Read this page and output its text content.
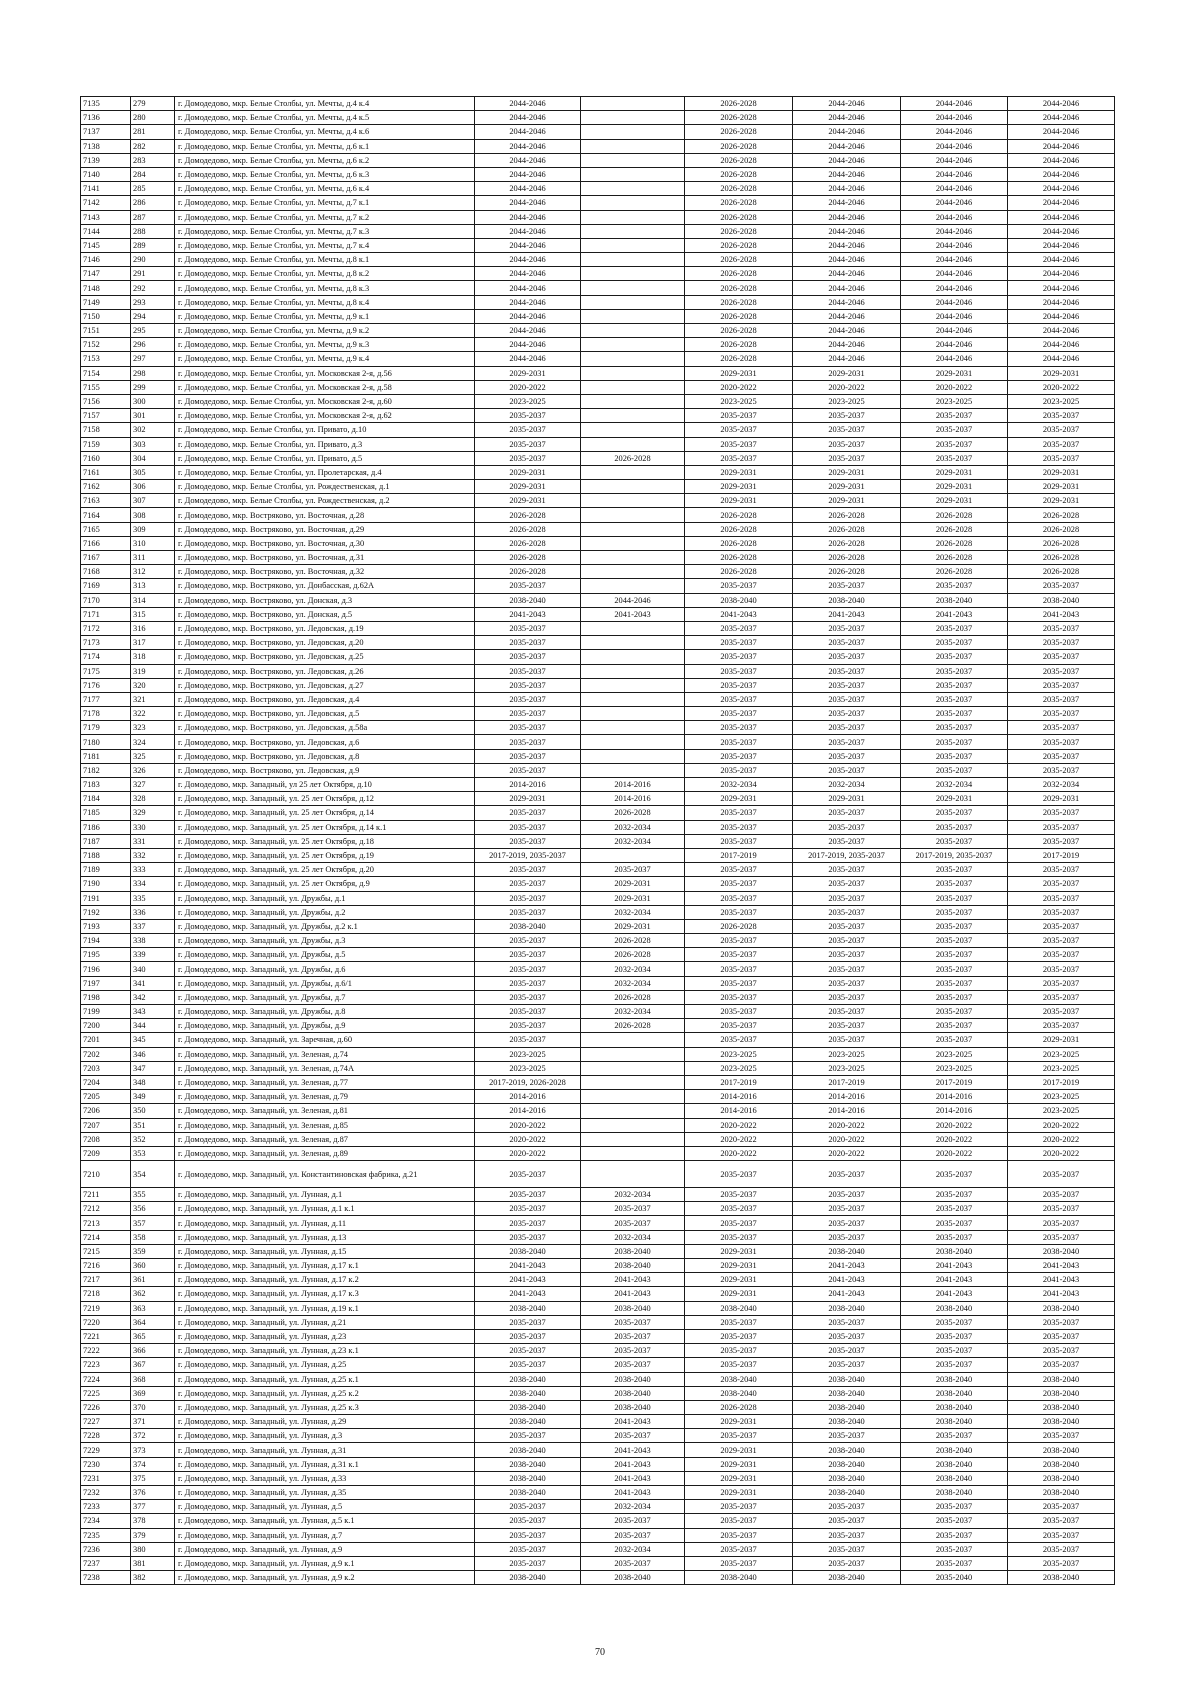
7135	279	г. Домодедово, мкр. Белые Столбы, ул. Мечты, д.4 к.4	2044-2046		2026-2028	2044-2046	2044-2046	2044-2046
7136	280	г. Домодедово, мкр. Белые Столбы, ул. Мечты, д.4 к.5	2044-2046		2026-2028	2044-2046	2044-2046	2044-2046
7137	281	г. Домодедово, мкр. Белые Столбы, ул. Мечты, д.4 к.6	2044-2046		2026-2028	2044-2046	2044-2046	2044-2046
7138	282	г. Домодедово, мкр. Белые Столбы, ул. Мечты, д.6 к.1	2044-2046		2026-2028	2044-2046	2044-2046	2044-2046
7139	283	г. Домодедово, мкр. Белые Столбы, ул. Мечты, д.6 к.2	2044-2046		2026-2028	2044-2046	2044-2046	2044-2046
7140	284	г. Домодедово, мкр. Белые Столбы, ул. Мечты, д.6 к.3	2044-2046		2026-2028	2044-2046	2044-2046	2044-2046
7141	285	г. Домодедово, мкр. Белые Столбы, ул. Мечты, д.6 к.4	2044-2046		2026-2028	2044-2046	2044-2046	2044-2046
7142	286	г. Домодедово, мкр. Белые Столбы, ул. Мечты, д.7 к.1	2044-2046		2026-2028	2044-2046	2044-2046	2044-2046
7143	287	г. Домодедово, мкр. Белые Столбы, ул. Мечты, д.7 к.2	2044-2046		2026-2028	2044-2046	2044-2046	2044-2046
7144	288	г. Домодедово, мкр. Белые Столбы, ул. Мечты, д.7 к.3	2044-2046		2026-2028	2044-2046	2044-2046	2044-2046
7145	289	г. Домодедово, мкр. Белые Столбы, ул. Мечты, д.7 к.4	2044-2046		2026-2028	2044-2046	2044-2046	2044-2046
7146	290	г. Домодедово, мкр. Белые Столбы, ул. Мечты, д.8 к.1	2044-2046		2026-2028	2044-2046	2044-2046	2044-2046
7147	291	г. Домодедово, мкр. Белые Столбы, ул. Мечты, д.8 к.2	2044-2046		2026-2028	2044-2046	2044-2046	2044-2046
7148	292	г. Домодедово, мкр. Белые Столбы, ул. Мечты, д.8 к.3	2044-2046		2026-2028	2044-2046	2044-2046	2044-2046
7149	293	г. Домодедово, мкр. Белые Столбы, ул. Мечты, д.8 к.4	2044-2046		2026-2028	2044-2046	2044-2046	2044-2046
7150	294	г. Домодедово, мкр. Белые Столбы, ул. Мечты, д.9 к.1	2044-2046		2026-2028	2044-2046	2044-2046	2044-2046
7151	295	г. Домодедово, мкр. Белые Столбы, ул. Мечты, д.9 к.2	2044-2046		2026-2028	2044-2046	2044-2046	2044-2046
7152	296	г. Домодедово, мкр. Белые Столбы, ул. Мечты, д.9 к.3	2044-2046		2026-2028	2044-2046	2044-2046	2044-2046
7153	297	г. Домодедово, мкр. Белые Столбы, ул. Мечты, д.9 к.4	2044-2046		2026-2028	2044-2046	2044-2046	2044-2046
7154	298	г. Домодедово, мкр. Белые Столбы, ул. Московская 2-я, д.56	2029-2031		2029-2031	2029-2031	2029-2031	2029-2031
7155	299	г. Домодедово, мкр. Белые Столбы, ул. Московская 2-я, д.58	2020-2022		2020-2022	2020-2022	2020-2022	2020-2022
7156	300	г. Домодедово, мкр. Белые Столбы, ул. Московская 2-я, д.60	2023-2025		2023-2025	2023-2025	2023-2025	2023-2025
7157	301	г. Домодедово, мкр. Белые Столбы, ул. Московская 2-я, д.62	2035-2037		2035-2037	2035-2037	2035-2037	2035-2037
7158	302	г. Домодедово, мкр. Белые Столбы, ул. Привато, д.10	2035-2037		2035-2037	2035-2037	2035-2037	2035-2037
7159	303	г. Домодедово, мкр. Белые Столбы, ул. Привато, д.3	2035-2037		2035-2037	2035-2037	2035-2037	2035-2037
7160	304	г. Домодедово, мкр. Белые Столбы, ул. Привато, д.5	2035-2037	2026-2028	2035-2037	2035-2037	2035-2037	2035-2037
7161	305	г. Домодедово, мкр. Белые Столбы, ул. Пролетарская, д.4	2029-2031		2029-2031	2029-2031	2029-2031	2029-2031
7162	306	г. Домодедово, мкр. Белые Столбы, ул. Рождественская, д.1	2029-2031		2029-2031	2029-2031	2029-2031	2029-2031
7163	307	г. Домодедово, мкр. Белые Столбы, ул. Рождественская, д.2	2029-2031		2029-2031	2029-2031	2029-2031	2029-2031
7164	308	г. Домодедово, мкр. Востряково, ул. Восточная, д.28	2026-2028		2026-2028	2026-2028	2026-2028	2026-2028
7165	309	г. Домодедово, мкр. Востряково, ул. Восточная, д.29	2026-2028		2026-2028	2026-2028	2026-2028	2026-2028
7166	310	г. Домодедово, мкр. Востряково, ул. Восточная, д.30	2026-2028		2026-2028	2026-2028	2026-2028	2026-2028
7167	311	г. Домодедово, мкр. Востряково, ул. Восточная, д.31	2026-2028		2026-2028	2026-2028	2026-2028	2026-2028
7168	312	г. Домодедово, мкр. Востряково, ул. Восточная, д.32	2026-2028		2026-2028	2026-2028	2026-2028	2026-2028
7169	313	г. Домодедово, мкр. Востряково, ул. Донбасская, д.62А	2035-2037		2035-2037	2035-2037	2035-2037	2035-2037
7170	314	г. Домодедово, мкр. Востряково, ул. Донская, д.3	2038-2040	2044-2046	2038-2040	2038-2040	2038-2040	2038-2040
7171	315	г. Домодедово, мкр. Востряково, ул. Донская, д.5	2041-2043	2041-2043	2041-2043	2041-2043	2041-2043	2041-2043
7172	316	г. Домодедово, мкр. Востряково, ул. Ледовская, д.19	2035-2037		2035-2037	2035-2037	2035-2037	2035-2037
7173	317	г. Домодедово, мкр. Востряково, ул. Ледовская, д.20	2035-2037		2035-2037	2035-2037	2035-2037	2035-2037
7174	318	г. Домодедово, мкр. Востряково, ул. Ледовская, д.25	2035-2037		2035-2037	2035-2037	2035-2037	2035-2037
7175	319	г. Домодедово, мкр. Востряково, ул. Ледовская, д.26	2035-2037		2035-2037	2035-2037	2035-2037	2035-2037
7176	320	г. Домодедово, мкр. Востряково, ул. Ледовская, д.27	2035-2037		2035-2037	2035-2037	2035-2037	2035-2037
7177	321	г. Домодедово, мкр. Востряково, ул. Ледовская, д.4	2035-2037		2035-2037	2035-2037	2035-2037	2035-2037
7178	322	г. Домодедово, мкр. Востряково, ул. Ледовская, д.5	2035-2037		2035-2037	2035-2037	2035-2037	2035-2037
7179	323	г. Домодедово, мкр. Востряково, ул. Ледовская, д.58а	2035-2037		2035-2037	2035-2037	2035-2037	2035-2037
7180	324	г. Домодедово, мкр. Востряково, ул. Ледовская, д.6	2035-2037		2035-2037	2035-2037	2035-2037	2035-2037
7181	325	г. Домодедово, мкр. Востряково, ул. Ледовская, д.8	2035-2037		2035-2037	2035-2037	2035-2037	2035-2037
7182	326	г. Домодедово, мкр. Востряково, ул. Ледовская, д.9	2035-2037		2035-2037	2035-2037	2035-2037	2035-2037
7183	327	г. Домодедово, мкр. Западный, ул 25 лет Октября, д.10	2014-2016	2014-2016	2032-2034	2032-2034	2032-2034	2032-2034
7184	328	г. Домодедово, мкр. Западный, ул. 25 лет Октября, д.12	2029-2031	2014-2016	2029-2031	2029-2031	2029-2031	2029-2031
7185	329	г. Домодедово, мкр. Западный, ул. 25 лет Октября, д.14	2035-2037	2026-2028	2035-2037	2035-2037	2035-2037	2035-2037
7186	330	г. Домодедово, мкр. Западный, ул. 25 лет Октября, д.14 к.1	2035-2037	2032-2034	2035-2037	2035-2037	2035-2037	2035-2037
7187	331	г. Домодедово, мкр. Западный, ул. 25 лет Октября, д.18	2035-2037	2032-2034	2035-2037	2035-2037	2035-2037	2035-2037
7188	332	г. Домодедово, мкр. Западный, ул. 25 лет Октября, д.19	2017-2019, 2035-2037		2017-2019	2017-2019, 2035-2037	2017-2019, 2035-2037	2017-2019
7189	333	г. Домодедово, мкр. Западный, ул. 25 лет Октября, д.20	2035-2037	2035-2037	2035-2037	2035-2037	2035-2037	2035-2037
7190	334	г. Домодедово, мкр. Западный, ул. 25 лет Октября, д.9	2035-2037	2029-2031	2035-2037	2035-2037	2035-2037	2035-2037
7191	335	г. Домодедово, мкр. Западный, ул. Дружбы, д.1	2035-2037	2029-2031	2035-2037	2035-2037	2035-2037	2035-2037
7192	336	г. Домодедово, мкр. Западный, ул. Дружбы, д.2	2035-2037	2032-2034	2035-2037	2035-2037	2035-2037	2035-2037
7193	337	г. Домодедово, мкр. Западный, ул. Дружбы, д.2 к.1	2038-2040	2029-2031	2026-2028	2035-2037	2035-2037	2035-2037
7194	338	г. Домодедово, мкр. Западный, ул. Дружбы, д.3	2035-2037	2026-2028	2035-2037	2035-2037	2035-2037	2035-2037
7195	339	г. Домодедово, мкр. Западный, ул. Дружбы, д.5	2035-2037	2026-2028	2035-2037	2035-2037	2035-2037	2035-2037
7196	340	г. Домодедово, мкр. Западный, ул. Дружбы, д.6	2035-2037	2032-2034	2035-2037	2035-2037	2035-2037	2035-2037
7197	341	г. Домодедово, мкр. Западный, ул. Дружбы, д.6/1	2035-2037	2032-2034	2035-2037	2035-2037	2035-2037	2035-2037
7198	342	г. Домодедово, мкр. Западный, ул. Дружбы, д.7	2035-2037	2026-2028	2035-2037	2035-2037	2035-2037	2035-2037
7199	343	г. Домодедово, мкр. Западный, ул. Дружбы, д.8	2035-2037	2032-2034	2035-2037	2035-2037	2035-2037	2035-2037
7200	344	г. Домодедово, мкр. Западный, ул. Дружбы, д.9	2035-2037	2026-2028	2035-2037	2035-2037	2035-2037	2035-2037
7201	345	г. Домодедово, мкр. Западный, ул. Заречная, д.60	2035-2037		2035-2037	2035-2037	2035-2037	2029-2031
7202	346	г. Домодедово, мкр. Западный, ул. Зеленая, д.74	2023-2025		2023-2025	2023-2025	2023-2025	2023-2025
7203	347	г. Домодедово, мкр. Западный, ул. Зеленая, д.74А	2023-2025		2023-2025	2023-2025	2023-2025	2023-2025
7204	348	г. Домодедово, мкр. Западный, ул. Зеленая, д.77	2017-2019, 2026-2028		2017-2019	2017-2019	2017-2019	2017-2019
7205	349	г. Домодедово, мкр. Западный, ул. Зеленая, д.79	2014-2016		2014-2016	2014-2016	2014-2016	2023-2025
7206	350	г. Домодедово, мкр. Западный, ул. Зеленая, д.81	2014-2016		2014-2016	2014-2016	2014-2016	2023-2025
7207	351	г. Домодедово, мкр. Западный, ул. Зеленая, д.85	2020-2022		2020-2022	2020-2022	2020-2022	2020-2022
7208	352	г. Домодедово, мкр. Западный, ул. Зеленая, д.87	2020-2022		2020-2022	2020-2022	2020-2022	2020-2022
7209	353	г. Домодедово, мкр. Западный, ул. Зеленая, д.89	2020-2022		2020-2022	2020-2022	2020-2022	2020-2022
7210	354	г. Домодедово, мкр. Западный, ул. Константиновская фабрика, д.21	2035-2037		2035-2037	2035-2037	2035-2037	2035-2037
7211	355	г. Домодедово, мкр. Западный, ул. Лунная, д.1	2035-2037	2032-2034	2035-2037	2035-2037	2035-2037	2035-2037
7212	356	г. Домодедово, мкр. Западный, ул. Лунная, д.1 к.1	2035-2037	2035-2037	2035-2037	2035-2037	2035-2037	2035-2037
7213	357	г. Домодедово, мкр. Западный, ул. Лунная, д.11	2035-2037	2035-2037	2035-2037	2035-2037	2035-2037	2035-2037
7214	358	г. Домодедово, мкр. Западный, ул. Лунная, д.13	2035-2037	2032-2034	2035-2037	2035-2037	2035-2037	2035-2037
7215	359	г. Домодедово, мкр. Западный, ул. Лунная, д.15	2038-2040	2038-2040	2029-2031	2038-2040	2038-2040	2038-2040
7216	360	г. Домодедово, мкр. Западный, ул. Лунная, д.17 к.1	2041-2043	2038-2040	2029-2031	2041-2043	2041-2043	2041-2043
7217	361	г. Домодедово, мкр. Западный, ул. Лунная, д.17 к.2	2041-2043	2041-2043	2029-2031	2041-2043	2041-2043	2041-2043
7218	362	г. Домодедово, мкр. Западный, ул. Лунная, д.17 к.3	2041-2043	2041-2043	2029-2031	2041-2043	2041-2043	2041-2043
7219	363	г. Домодедово, мкр. Западный, ул. Лунная, д.19 к.1	2038-2040	2038-2040	2038-2040	2038-2040	2038-2040	2038-2040
7220	364	г. Домодедово, мкр. Западный, ул. Лунная, д.21	2035-2037	2035-2037	2035-2037	2035-2037	2035-2037	2035-2037
7221	365	г. Домодедово, мкр. Западный, ул. Лунная, д.23	2035-2037	2035-2037	2035-2037	2035-2037	2035-2037	2035-2037
7222	366	г. Домодедово, мкр. Западный, ул. Лунная, д.23 к.1	2035-2037	2035-2037	2035-2037	2035-2037	2035-2037	2035-2037
7223	367	г. Домодедово, мкр. Западный, ул. Лунная, д.25	2035-2037	2035-2037	2035-2037	2035-2037	2035-2037	2035-2037
7224	368	г. Домодедово, мкр. Западный, ул. Лунная, д.25 к.1	2038-2040	2038-2040	2038-2040	2038-2040	2038-2040	2038-2040
7225	369	г. Домодедово, мкр. Западный, ул. Лунная, д.25 к.2	2038-2040	2038-2040	2038-2040	2038-2040	2038-2040	2038-2040
7226	370	г. Домодедово, мкр. Западный, ул. Лунная, д.25 к.3	2038-2040	2038-2040	2026-2028	2038-2040	2038-2040	2038-2040
7227	371	г. Домодедово, мкр. Западный, ул. Лунная, д.29	2038-2040	2041-2043	2029-2031	2038-2040	2038-2040	2038-2040
7228	372	г. Домодедово, мкр. Западный, ул. Лунная, д.3	2035-2037	2035-2037	2035-2037	2035-2037	2035-2037	2035-2037
7229	373	г. Домодедово, мкр. Западный, ул. Лунная, д.31	2038-2040	2041-2043	2029-2031	2038-2040	2038-2040	2038-2040
7230	374	г. Домодедово, мкр. Западный, ул. Лунная, д.31 к.1	2038-2040	2041-2043	2029-2031	2038-2040	2038-2040	2038-2040
7231	375	г. Домодедово, мкр. Западный, ул. Лунная, д.33	2038-2040	2041-2043	2029-2031	2038-2040	2038-2040	2038-2040
7232	376	г. Домодедово, мкр. Западный, ул. Лунная, д.35	2038-2040	2041-2043	2029-2031	2038-2040	2038-2040	2038-2040
7233	377	г. Домодедово, мкр. Западный, ул. Лунная, д.5	2035-2037	2032-2034	2035-2037	2035-2037	2035-2037	2035-2037
7234	378	г. Домодедово, мкр. Западный, ул. Лунная, д.5 к.1	2035-2037	2035-2037	2035-2037	2035-2037	2035-2037	2035-2037
7235	379	г. Домодедово, мкр. Западный, ул. Лунная, д.7	2035-2037	2035-2037	2035-2037	2035-2037	2035-2037	2035-2037
7236	380	г. Домодедово, мкр. Западный, ул. Лунная, д.9	2035-2037	2032-2034	2035-2037	2035-2037	2035-2037	2035-2037
7237	381	г. Домодедово, мкр. Западный, ул. Лунная, д.9 к.1	2035-2037	2035-2037	2035-2037	2035-2037	2035-2037	2035-2037
7238	382	г. Домодедово, мкр. Западный, ул. Лунная, д.9 к.2	2038-2040	2038-2040	2038-2040	2038-2040	2035-2040	2038-2040
70
